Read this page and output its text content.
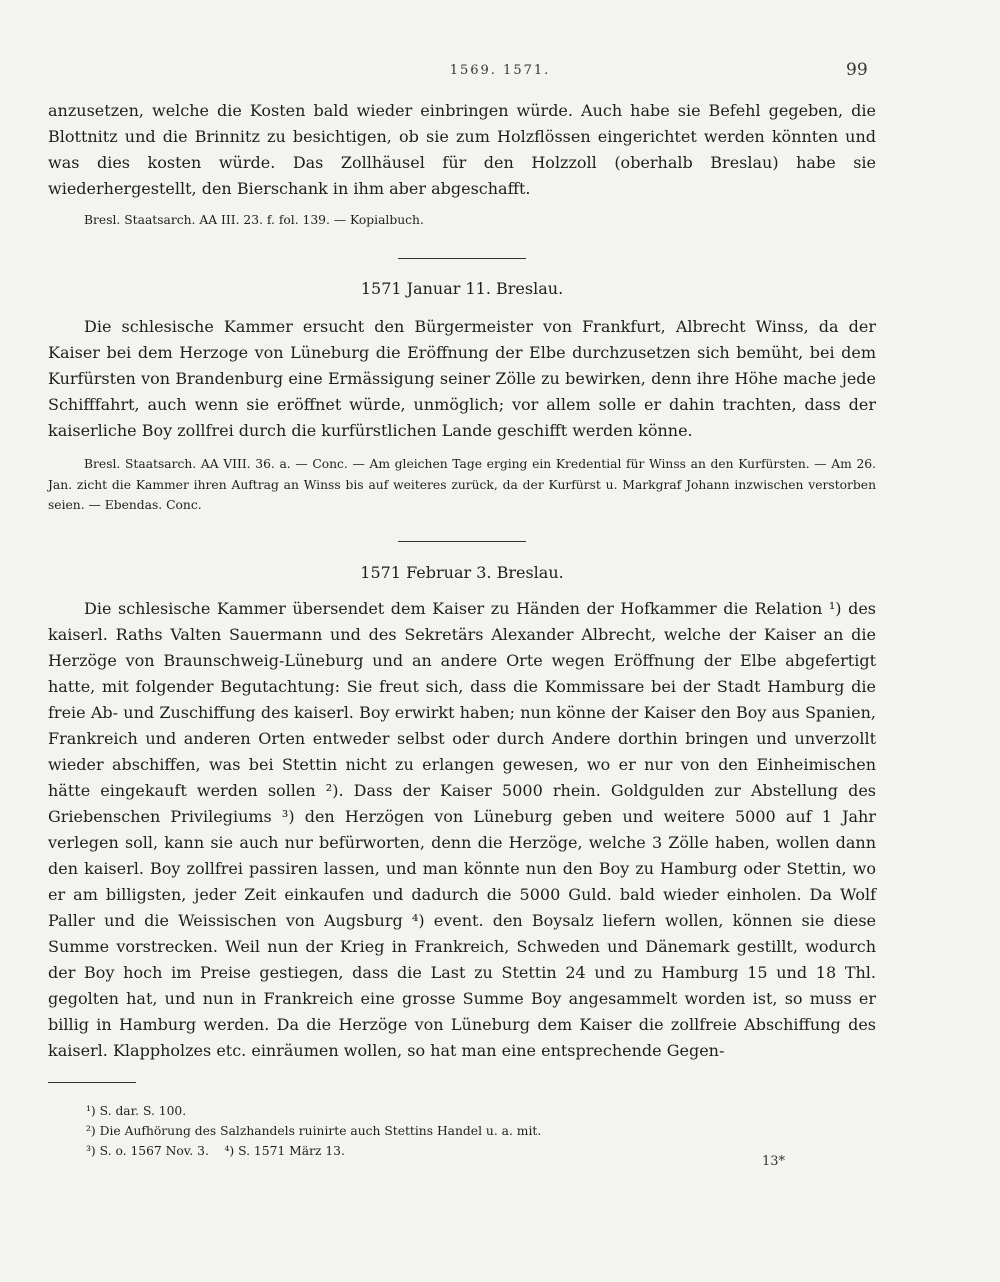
1569. 1571.	99

anzusetzen, welche die Kosten bald wieder einbringen würde. Auch habe sie Befehl gegeben, die Blottnitz und die Brinnitz zu besichtigen, ob sie zum Holzflössen eingerichtet werden könnten und was dies kosten würde. Das Zollhäusel für den Holzzoll (oberhalb Breslau) habe sie wiederhergestellt, den Bierschank in ihm aber abgeschafft.

Bresl. Staatsarch. AA III. 23. f. fol. 139. — Kopialbuch.

1571 Januar 11. Breslau.

Die schlesische Kammer ersucht den Bürgermeister von Frankfurt, Albrecht Winss, da der Kaiser bei dem Herzoge von Lüneburg die Eröffnung der Elbe durchzusetzen sich bemüht, bei dem Kurfürsten von Brandenburg eine Ermässigung seiner Zölle zu bewirken, denn ihre Höhe mache jede Schifffahrt, auch wenn sie eröffnet würde, unmöglich; vor allem solle er dahin trachten, dass der kaiserliche Boy zollfrei durch die kurfürstlichen Lande geschifft werden könne.

Bresl. Staatsarch. AA VIII. 36. a. — Conc. — Am gleichen Tage erging ein Kredential für Winss an den Kurfürsten. — Am 26. Jan. zicht die Kammer ihren Auftrag an Winss bis auf weiteres zurück, da der Kurfürst u. Markgraf Johann inzwischen verstorben seien. — Ebendas. Conc.

1571 Februar 3. Breslau.

Die schlesische Kammer übersendet dem Kaiser zu Händen der Hofkammer die Relation ¹) des kaiserl. Raths Valten Sauermann und des Sekretärs Alexander Albrecht, welche der Kaiser an die Herzöge von Braunschweig-Lüneburg und an andere Orte wegen Eröffnung der Elbe abgefertigt hatte, mit folgender Begutachtung: Sie freut sich, dass die Kommissare bei der Stadt Hamburg die freie Ab- und Zuschiffung des kaiserl. Boy erwirkt haben; nun könne der Kaiser den Boy aus Spanien, Frankreich und anderen Orten entweder selbst oder durch Andere dorthin bringen und unverzollt wieder abschiffen, was bei Stettin nicht zu erlangen gewesen, wo er nur von den Einheimischen hätte eingekauft werden sollen ²). Dass der Kaiser 5000 rhein. Goldgulden zur Abstellung des Griebenschen Privilegiums ³) den Herzögen von Lüneburg geben und weitere 5000 auf 1 Jahr verlegen soll, kann sie auch nur befürworten, denn die Herzöge, welche 3 Zölle haben, wollen dann den kaiserl. Boy zollfrei passiren lassen, und man könnte nun den Boy zu Hamburg oder Stettin, wo er am billigsten, jeder Zeit einkaufen und dadurch die 5000 Guld. bald wieder einholen. Da Wolf Paller und die Weissischen von Augsburg ⁴) event. den Boysalz liefern wollen, können sie diese Summe vorstrecken. Weil nun der Krieg in Frankreich, Schweden und Dänemark gestillt, wodurch der Boy hoch im Preise gestiegen, dass die Last zu Stettin 24 und zu Hamburg 15 und 18 Thl. gegolten hat, und nun in Frankreich eine grosse Summe Boy angesammelt worden ist, so muss er billig in Hamburg werden. Da die Herzöge von Lüneburg dem Kaiser die zollfreie Abschiffung des kaiserl. Klappholzes etc. einräumen wollen, so hat man eine entsprechende Gegen-

¹) S. dar. S. 100.

²) Die Aufhörung des Salzhandels ruinirte auch Stettins Handel u. a. mit.

³) S. o. 1567 Nov. 3.    ⁴) S. 1571 März 13.

13*
